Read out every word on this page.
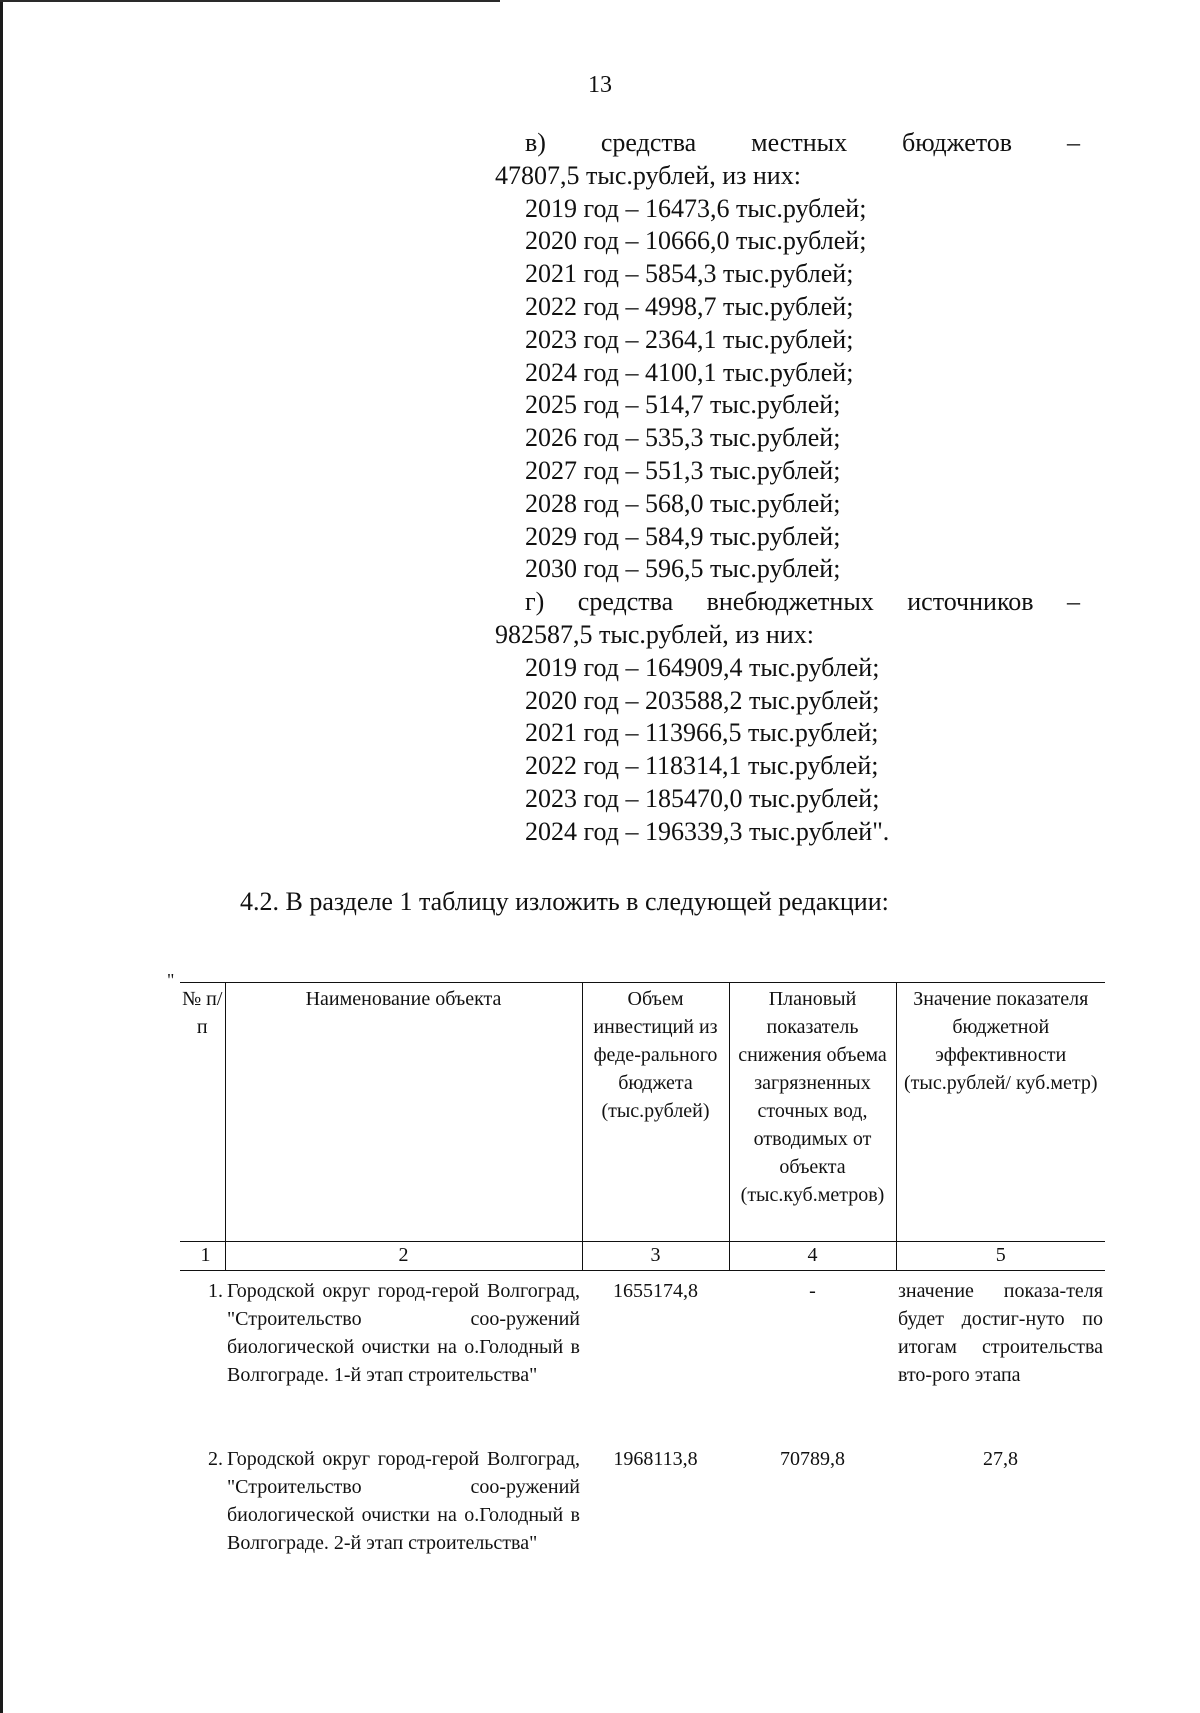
13
в) средства местных бюджетов –
47807,5 тыс.рублей, из них:
2019 год – 16473,6 тыс.рублей;
2020 год – 10666,0 тыс.рублей;
2021 год – 5854,3 тыс.рублей;
2022 год – 4998,7 тыс.рублей;
2023 год – 2364,1 тыс.рублей;
2024 год – 4100,1 тыс.рублей;
2025 год – 514,7 тыс.рублей;
2026 год – 535,3 тыс.рублей;
2027 год – 551,3 тыс.рублей;
2028 год – 568,0 тыс.рублей;
2029 год – 584,9 тыс.рублей;
2030 год – 596,5 тыс.рублей;
г) средства внебюджетных источников –
982587,5 тыс.рублей, из них:
2019 год – 164909,4 тыс.рублей;
2020 год – 203588,2 тыс.рублей;
2021 год – 113966,5 тыс.рублей;
2022 год – 118314,1 тыс.рублей;
2023 год – 185470,0 тыс.рублей;
2024 год – 196339,3 тыс.рублей".
4.2. В разделе 1 таблицу изложить в следующей редакции:
"
№ п/п	Наименование объекта	Объем инвестиций из феде-рального бюджета (тыс.рублей)	Плановый показатель снижения объема загрязненных сточных вод, отводимых от объекта (тыс.куб.метров)	Значение показателя бюджетной эффективности (тыс.рублей/ куб.метр)
1	2	3	4	5
1.	Городской округ город-герой Волгоград, "Строительство соо-ружений биологической очистки на о.Голодный в Волгограде. 1-й этап строительства"	1655174,8	-	значение показа-теля будет достиг-нуто по итогам строительства вто-рого этапа
2.	Городской округ город-герой Волгоград, "Строительство соо-ружений биологической очистки на о.Голодный в Волгограде. 2-й этап строительства"	1968113,8	70789,8	27,8
